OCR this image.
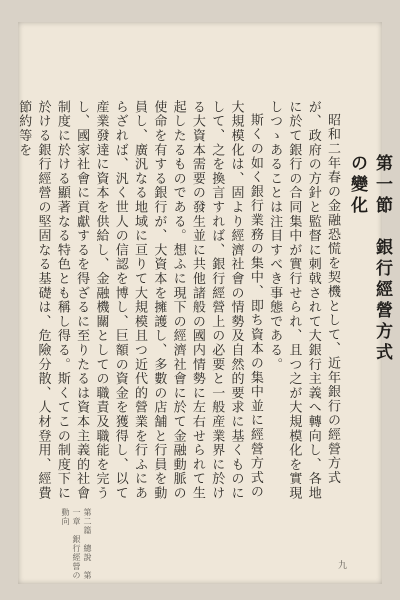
第一節　銀行經營方式の變化

昭和二年春の金融恐慌を契機として、近年銀行の經營方式が、政府の方針と監督に刺戟されて大銀行主義へ轉向し、各地に於て銀行の合同集中が實行せられ、且つ之が大規模化を實現しつゝあることは注目すべき事態である。

斯くの如く銀行業務の集中、即ち資本の集中並に經營方式の大規模化は、固より經濟社會の情勢及自然的要求に基くものにして、之を換言すれば、銀行經營上の必要と一般産業界に於ける大資本需要の發生並に共他諸般の國内情勢に左右せられて生起したるものである。想ふに現下の經濟社會に於て金融動脈の使命を有する銀行が、大資本を擁護し、多數の店舗と行員を動員し、廣汎なる地域に亘りて大規模且つ近代的營業を行ふにあらざれば、汎く世人の信認を博し、巨額の資金を獲得し、以て産業發達に資本を供給し、金融機關としての職責及職能を完うし、國家社會に貢獻するを得ざるに至りたるは資本主義的社會制度に於ける顯著なる特色とも稱し得る。斯くてこの制度下に於ける銀行經營の堅固なる基礎は、危險分散、人材登用、經費節約等を

第二篇　總說　第一章　銀行經營の動向
九
